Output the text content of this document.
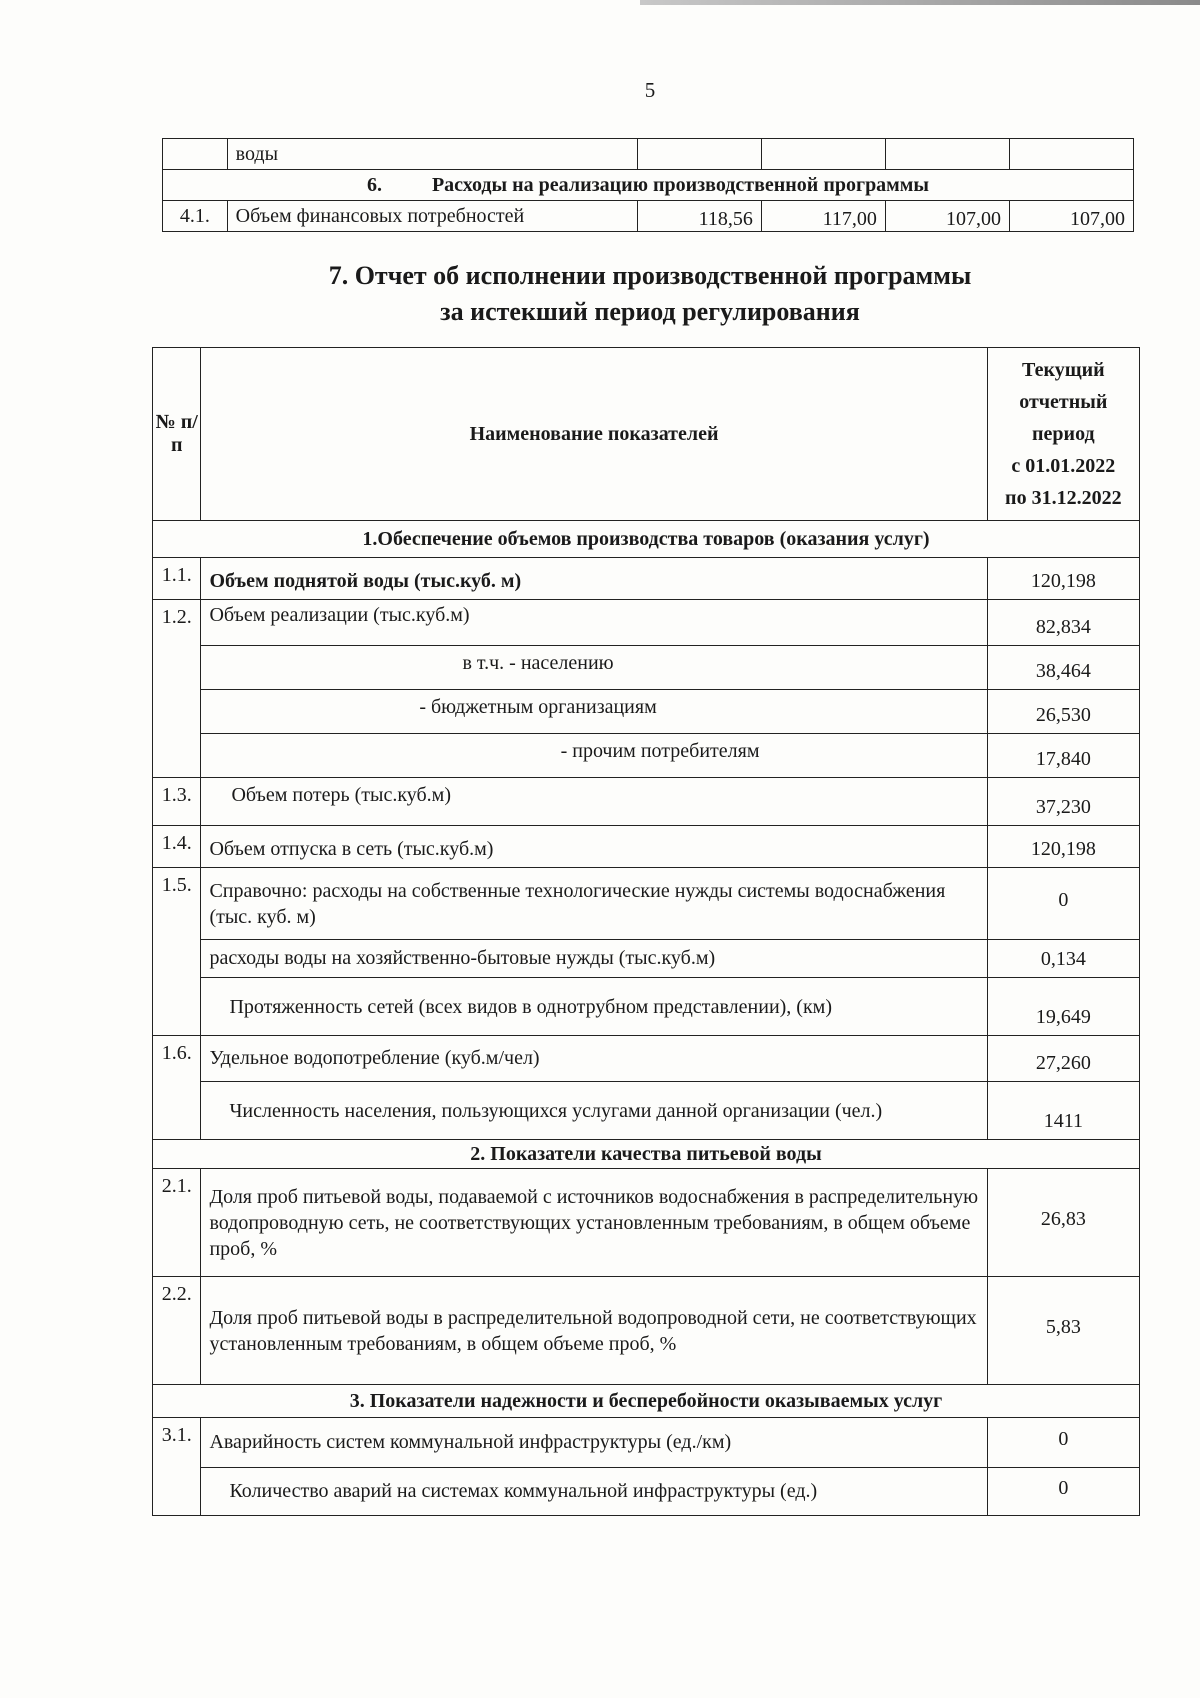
5
	воды				
6. Расходы на реализацию производственной программы					
4.1.	Объем финансовых потребностей	118,56	117,00	107,00	107,00
7. Отчет об исполнении производственной программы
за истекший период регулирования
№ п/п	Наименование показателей	Текущий
отчетный
период
с 01.01.2022
по 31.12.2022

1.Обеспечение объемов производства товаров (оказания услуг)		
1.1.	Объем поднятой воды (тыс.куб. м)	120,198
1.2.	Объем реализации (тыс.куб.м)	82,834
	в т.ч. - населению	38,464
	- бюджетным организациям	26,530
	- прочим потребителям	17,840
1.3.	Объем потерь (тыс.куб.м)	37,230
1.4.	Объем отпуска в сеть (тыс.куб.м)	120,198
1.5.	Справочно: расходы на собственные технологические нужды системы водоснабжения (тыс. куб. м)	0
	расходы воды на хозяйственно-бытовые нужды (тыс.куб.м)	0,134
	Протяженность сетей (всех видов в однотрубном представлении), (км)	19,649
1.6.	Удельное водопотребление (куб.м/чел)	27,260
	Численность населения, пользующихся услугами данной организации (чел.)	1411
2. Показатели качества питьевой воды		
2.1.	Доля проб питьевой воды, подаваемой с источников водоснабжения в распределительную водопроводную сеть, не соответствующих установленным требованиям, в общем объеме проб, %	26,83
2.2.	Доля проб питьевой воды в распределительной водопроводной сети, не соответствующих установленным требованиям, в общем объеме проб, %	5,83
3. Показатели надежности и бесперебойности оказываемых услуг		
3.1.	Аварийность систем коммунальной инфраструктуры (ед./км)	0
	Количество аварий на системах коммунальной инфраструктуры (ед.)	0
